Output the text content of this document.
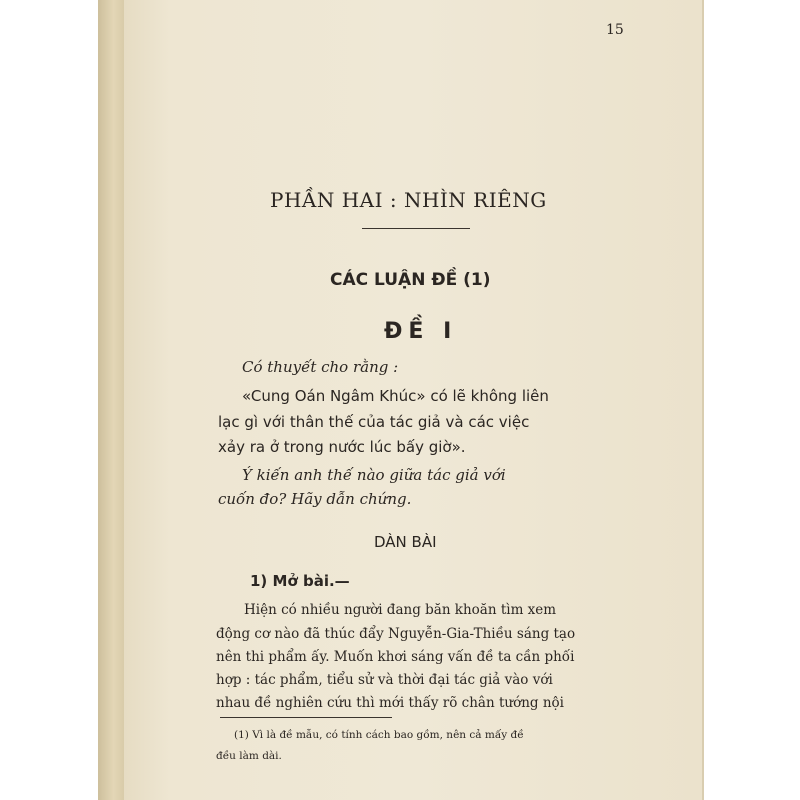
15
PHẦN HAI : NHÌN RIÊNG
CÁC LUẬN ĐỀ (1)
ĐỀ I
Có thuyết cho rằng :
«Cung Oán Ngâm Khúc» có lẽ không liên
lạc gì với thân thế của tác giả và các việc
xảy ra ở trong nước lúc bấy giờ».
Ý kiến anh thế nào giữa tác giả với
cuốn đo? Hãy dẫn chứng.
DÀN BÀI
1) Mở bài.—
Hiện có nhiều người đang băn khoăn tìm xem
động cơ nào đã thúc đẩy Nguyễn-Gia-Thiều sáng tạo
nên thi phẩm ấy. Muốn khơi sáng vấn đề ta cần phối
hợp : tác phẩm, tiểu sử và thời đại tác giả vào với
nhau đề nghiên cứu thì mới thấy rõ chân tướng nội
(1) Vì là đề mẫu, có tính cách bao gồm, nên cả mấy đề
đều làm dài.
